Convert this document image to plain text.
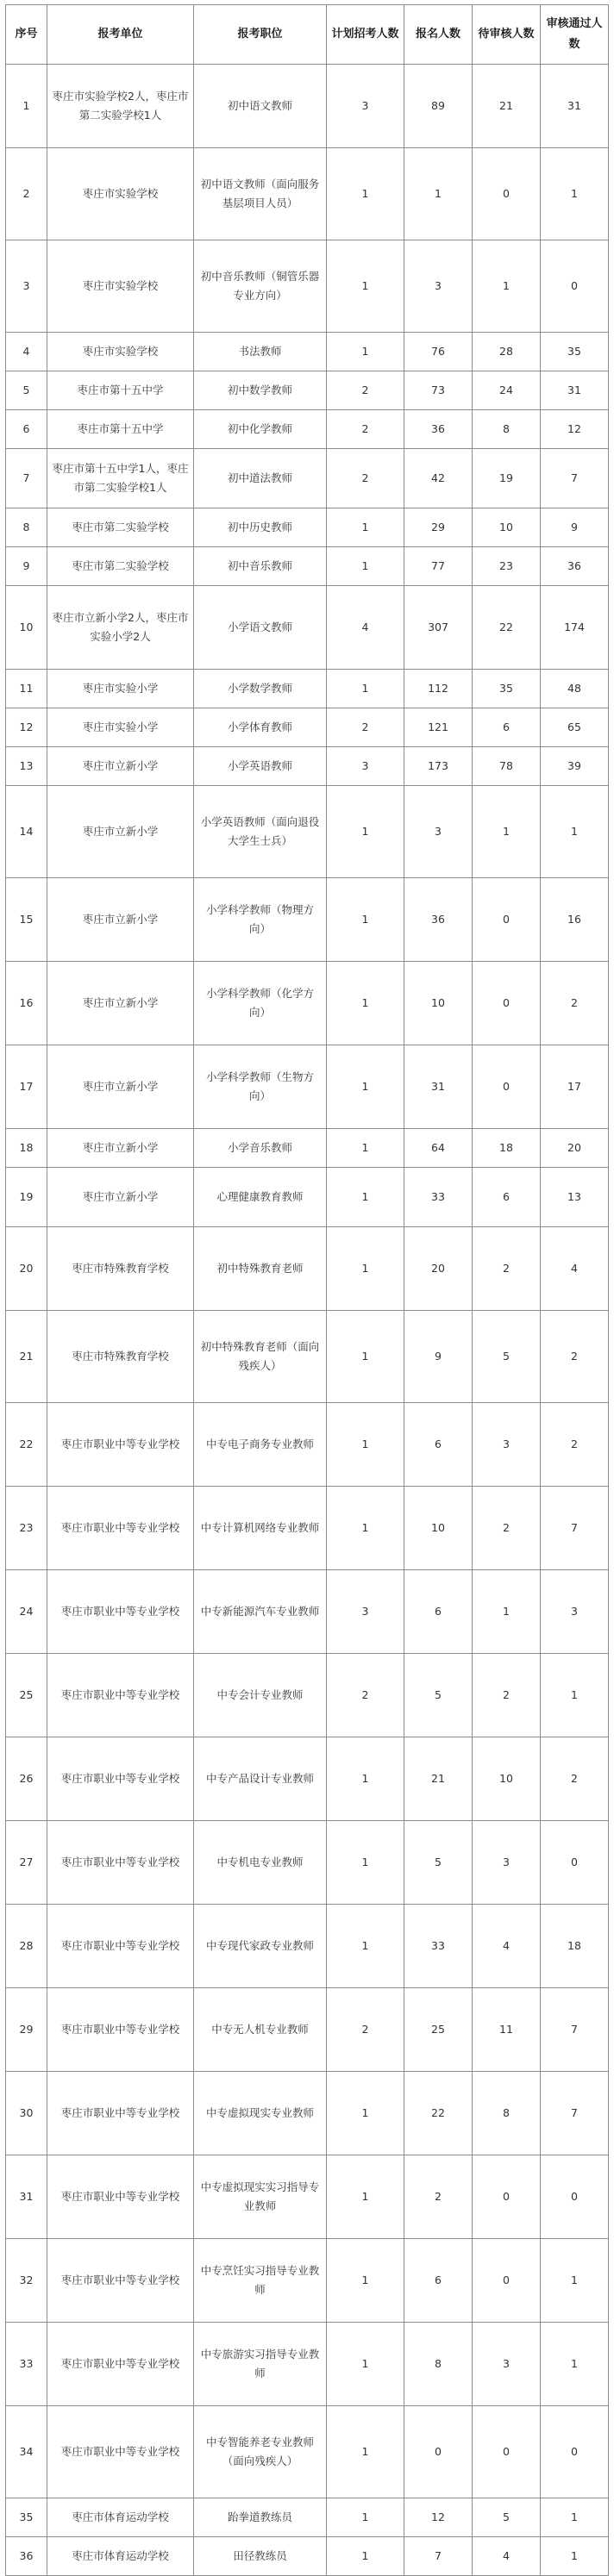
序号	报考单位	报考职位	计划招考人数	报名人数	待审核人数	审核通过人数
1	枣庄市实验学校2人，枣庄市第二实验学校1人	初中语文教师	3	89	21	31
2	枣庄市实验学校	初中语文教师（面向服务基层项目人员）	1	1	0	1
3	枣庄市实验学校	初中音乐教师（铜管乐器专业方向）	1	3	1	0
4	枣庄市实验学校	书法教师	1	76	28	35
5	枣庄市第十五中学	初中数学教师	2	73	24	31
6	枣庄市第十五中学	初中化学教师	2	36	8	12
7	枣庄市第十五中学1人，枣庄市第二实验学校1人	初中道法教师	2	42	19	7
8	枣庄市第二实验学校	初中历史教师	1	29	10	9
9	枣庄市第二实验学校	初中音乐教师	1	77	23	36
10	枣庄市立新小学2人，枣庄市实验小学2人	小学语文教师	4	307	22	174
11	枣庄市实验小学	小学数学教师	1	112	35	48
12	枣庄市实验小学	小学体育教师	2	121	6	65
13	枣庄市立新小学	小学英语教师	3	173	78	39
14	枣庄市立新小学	小学英语教师（面向退役大学生士兵）	1	3	1	1
15	枣庄市立新小学	小学科学教师（物理方向）	1	36	0	16
16	枣庄市立新小学	小学科学教师（化学方向）	1	10	0	2
17	枣庄市立新小学	小学科学教师（生物方向）	1	31	0	17
18	枣庄市立新小学	小学音乐教师	1	64	18	20
19	枣庄市立新小学	心理健康教育教师	1	33	6	13
20	枣庄市特殊教育学校	初中特殊教育老师	1	20	2	4
21	枣庄市特殊教育学校	初中特殊教育老师（面向残疾人）	1	9	5	2
22	枣庄市职业中等专业学校	中专电子商务专业教师	1	6	3	2
23	枣庄市职业中等专业学校	中专计算机网络专业教师	1	10	2	7
24	枣庄市职业中等专业学校	中专新能源汽车专业教师	3	6	1	3
25	枣庄市职业中等专业学校	中专会计专业教师	2	5	2	1
26	枣庄市职业中等专业学校	中专产品设计专业教师	1	21	10	2
27	枣庄市职业中等专业学校	中专机电专业教师	1	5	3	0
28	枣庄市职业中等专业学校	中专现代家政专业教师	1	33	4	18
29	枣庄市职业中等专业学校	中专无人机专业教师	2	25	11	7
30	枣庄市职业中等专业学校	中专虚拟现实专业教师	1	22	8	7
31	枣庄市职业中等专业学校	中专虚拟现实实习指导专业教师	1	2	0	0
32	枣庄市职业中等专业学校	中专烹饪实习指导专业教师	1	6	0	1
33	枣庄市职业中等专业学校	中专旅游实习指导专业教师	1	8	3	1
34	枣庄市职业中等专业学校	中专智能养老专业教师（面向残疾人）	1	0	0	0
35	枣庄市体育运动学校	跆拳道教练员	1	12	5	1
36	枣庄市体育运动学校	田径教练员	1	7	4	1
